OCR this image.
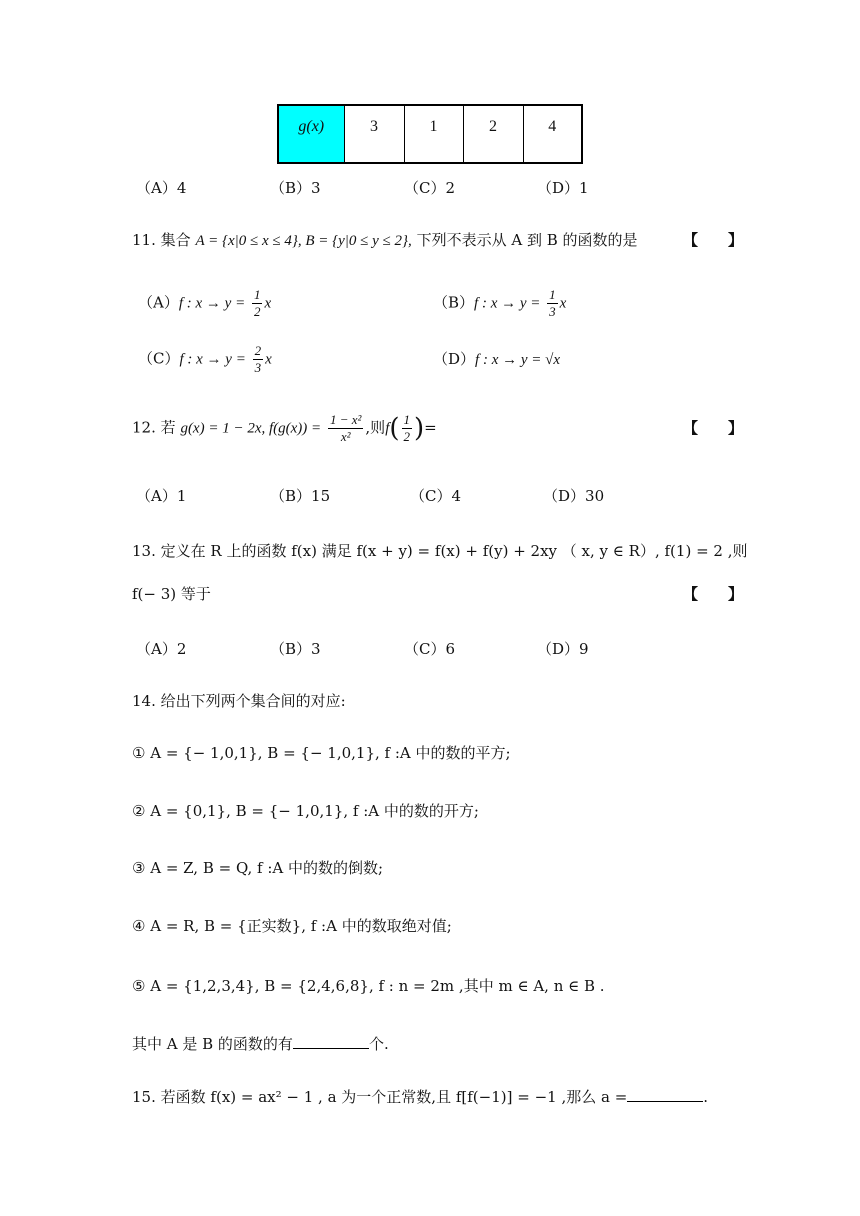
g(x)	3	1	2	4
（A）4	（B）3	（C）2	（D）1
11. 集合 A = {x|0 ≤ x ≤ 4}, B = {y|0 ≤ y ≤ 2}, 下列不表示从 A 到 B 的函数的是	【　　】
（A）f : $x \to y = \frac{1}{2}$ x	（B）f : $x \to y = \frac{1}{3}$ x
（C）f : $x \to y = \frac{2}{3}$ x	（D）f : x → y = √x
12. 若 g(x) = 1 − 2x, $f(g(x)) = \frac{\text{1 − x²}}{\text{x²}}$ ,则$f( \frac{1}{2}$ )=	【　　】
（A）1	（B）15	（C）4	（D）30
13. 定义在 R 上的函数 f(x) 满足 f(x + y) = f(x) + f(y) + 2xy （ x, y ∈ R）, f(1) = 2 ,则
f(− 3) 等于	【　　】
（A）2	（B）3	（C）6	（D）9
14. 给出下列两个集合间的对应:
① A = {− 1,0,1}, B = {− 1,0,1}, f :A 中的数的平方;
② A = {0,1}, B = {− 1,0,1}, f :A 中的数的开方;
③ A = Z, B = Q, f :A 中的数的倒数;
④ A = R, B = {正实数}, f :A 中的数取绝对值;
⑤ A = {1,2,3,4}, B = {2,4,6,8}, f : n = 2m ,其中 m ∈ A, n ∈ B .
其中 A 是 B 的函数的有	个.
15. 若函数 f(x) = ax² − 1 , a 为一个正常数,且 f[f(−1)] = −1 ,那么 a =	.
